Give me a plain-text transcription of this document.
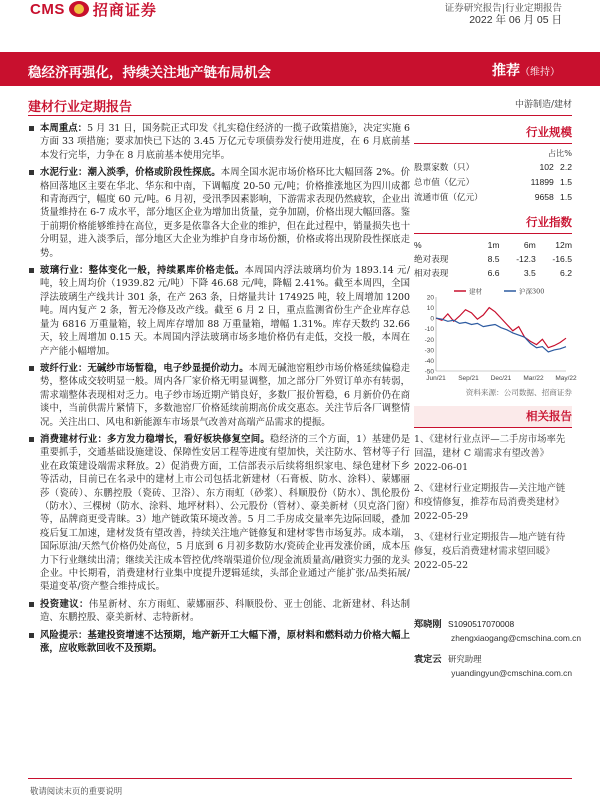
CMS 招商证券	证券研究报告|行业定期报告
2022 年 06 月 05 日
稳经济再强化，持续关注地产链布局机会	推荐（维持）
建材行业定期报告	中游制造/建材
本周重点：5 月 31 日，国务院正式印发《扎实稳住经济的一揽子政策措施》，决定实施 6 方面 33 项措施；要求加快已下达的 3.45 万亿元专项债券发行使用进度，在 6 月底前基本发行完毕，力争在 8 月底前基本使用完毕。
水泥行业：潮入淡季，价格或阶段性探底。本周全国水泥市场价格环比大幅回落 2%。价格回落地区主要在华北、华东和中南，下调幅度 20-50 元/吨；价格推涨地区为四川成都和青海西宁，幅度 60 元/吨。6 月初，受汛季因素影响，下游需求表现仍然疲软，企业出货量维持在 6-7 成水平，部分地区企业为增加出货量，竞争加剧，价格出现大幅回落。鉴于前期价格能够维持在高位，更多是依靠各大企业的维护，但在此过程中，销量损失也十分明显，进入淡季后，部分地区大企业为维护自身市场份额，价格或将出现阶段性探底走势。
玻璃行业：整体变化一般，持续累库价格走低。本周国内浮法玻璃均价为 1893.14 元/吨，较上周均价（1939.82 元/吨）下降 46.68 元/吨，降幅 2.41%。截至本周四，全国浮法玻璃生产线共计 301 条，在产 263 条，日熔量共计 174925 吨，较上周增加 1200 吨。周内复产 2 条，暂无冷修及改产线。截至 6 月 2 日，重点监测省份生产企业库存总量为 6816 万重量箱，较上周库存增加 88 万重量箱，增幅 1.31%。库存天数约 32.66 天，较上周增加 0.15 天。本周国内浮法玻璃市场多地价格仍有走低，交投一般，本周在产产能小幅增加。
玻纤行业：无碱纱市场暂稳，电子纱显提价动力。本周无碱池窑粗纱市场价格延续偏稳走势，整体成交较明显一般。周内各厂家价格无明显调整，加之部分厂外贸订单亦有转弱，需求端整体表现相对乏力。电子纱市场近期产销良好，多数厂报价暂稳，6 月新价仍在商谈中，当前供需片紧情下，多数池窑厂价格延续前期高价成交惠态。关注节后各厂调整情况。关注出口、风电和新能源车市场景气改善对高端产品需求的提振。
消费建材行业：多方发力稳增长，看好板块修复空间。稳经济的三个方面，1）基建仍是重要抓手，交通基础设施建设、保障性安居工程等进度有望加快，关注防水、管材等子行业在政策建设端需求释放。2）促消费方面，工信部表示后续将组织家电、绿色建材下乡等活动，目前已在名录中的建材上市公司包括北新建材（石膏板、防水、涂料）、蒙娜丽莎（瓷砖）、东鹏控股（瓷砖、卫浴）、东方雨虹（砂浆）、科顺股份（防水）、凯伦股份（防水）、三棵树（防水、涂料、地坪材料）、公元股份（管材）、豪美新材（贝克洛门窗）等，品牌商更受青睐。3）地产链政策环境改善。5 月二手房成交量率先边际回暖，叠加疫后复工加速，建材发货有望改善，持续关注地产链修复和建材零售市场复苏。成本端，国际原油/天然气价格仍处高位，5 月底到 6 月初多数防水/瓷砖企业再发涨价函，成本压力下行业继续出清；继续关注成本管控优/终端渠道价位/现金流质量高/融资实力强的龙头企业。中长期看，消费建材行业集中度提升逻辑延续，头部企业通过产能扩张/品类拓展/渠道变革/资产整合维持成长。
投资建议：伟星新材、东方雨虹、蒙娜丽莎、科顺股份、亚士创能、北新建材、科达制造、东鹏控股、豪美新材、志特新材。
风险提示：基建投资增速不达预期，地产新开工大幅下滑，原材料和燃料动力价格大幅上涨，应收账款回收不及预期。
行业规模
占比%
股票家数（只）	102	2.2
总市值（亿元）	11899	1.5
流通市值（亿元）	9658	1.5
行业指数
%	1m	6m	12m
绝对表现	8.5	-12.3	-16.5
相对表现	6.6	3.5	6.2
20
10
0
-10
-20
-30
-40
-50
Jun/21 Sep/21 Dec/21 Mar/22 May/22
建材	沪深300
资料来源：公司数据、招商证券
相关报告
1、《建材行业点评—二手房市场率先回温，建材 C 端需求有望改善》2022-06-01
2、《建材行业定期报告—关注地产链和疫情修复，推荐布局消费类建材》2022-05-29
3、《建材行业定期报告—地产链有待修复，疫后消费建材需求望回暖》2022-05-22
郑晓刚 S1090517070008
zhengxiaogang@cmschina.com.cn
袁定云 研究助理
yuandingyun@cmschina.com.cn
敬请阅读末页的重要说明
